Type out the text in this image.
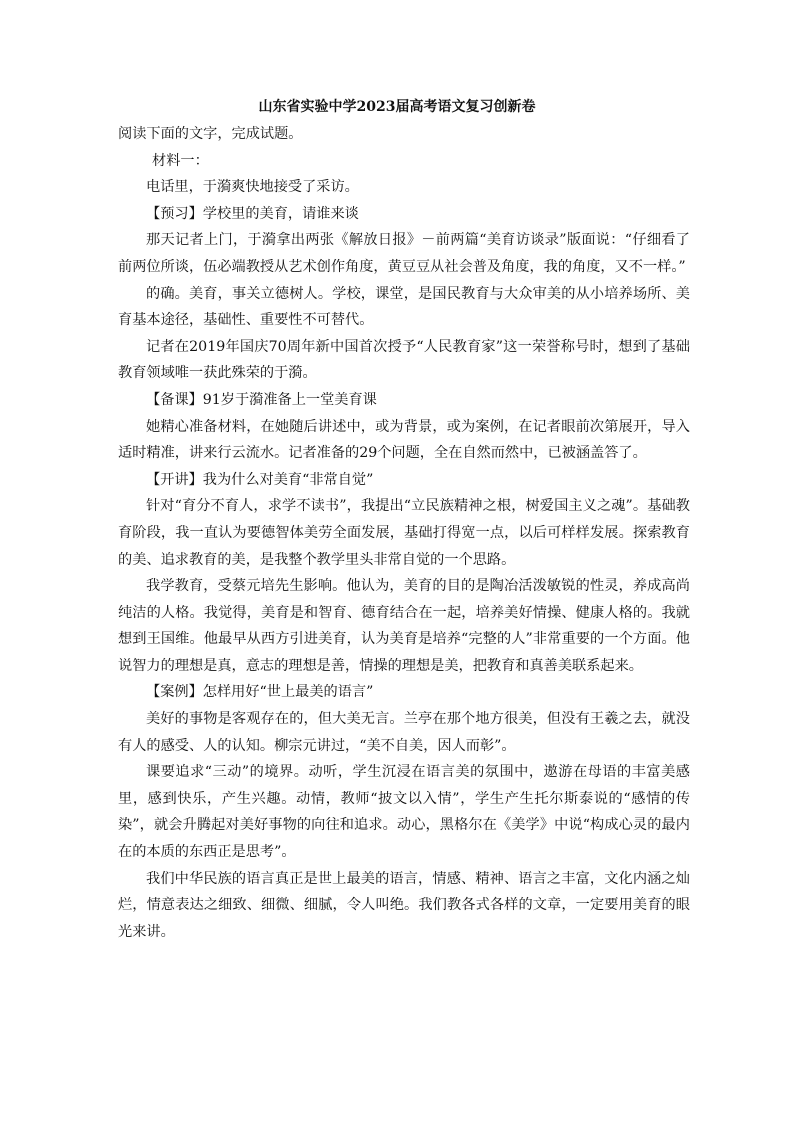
山东省实验中学2023届高考语文复习创新卷

阅读下面的文字，完成试题。

材料一：

电话里，于漪爽快地接受了采访。

【预习】学校里的美育，请谁来谈

那天记者上门，于漪拿出两张《解放日报》－前两篇“美育访谈录”版面说：“仔细看了前两位所谈，伍必端教授从艺术创作角度，黄豆豆从社会普及角度，我的角度，又不一样。”

的确。美育，事关立德树人。学校，课堂，是国民教育与大众审美的从小培养场所、美育基本途径，基础性、重要性不可替代。

记者在2019年国庆70周年新中国首次授予“人民教育家”这一荣誉称号时，想到了基础教育领域唯一获此殊荣的于漪。

【备课】91岁于漪准备上一堂美育课

她精心准备材料，在她随后讲述中，或为背景，或为案例，在记者眼前次第展开，导入适时精准，讲来行云流水。记者准备的29个问题，全在自然而然中，已被涵盖答了。

【开讲】我为什么对美育“非常自觉”

针对“育分不育人，求学不读书”，我提出“立民族精神之根，树爱国主义之魂”。基础教育阶段，我一直认为要德智体美劳全面发展，基础打得宽一点，以后可样样发展。探索教育的美、追求教育的美，是我整个教学里头非常自觉的一个思路。

我学教育，受蔡元培先生影响。他认为，美育的目的是陶冶活泼敏锐的性灵，养成高尚纯洁的人格。我觉得，美育是和智育、德育结合在一起，培养美好情操、健康人格的。我就想到王国维。他最早从西方引进美育，认为美育是培养“完整的人”非常重要的一个方面。他说智力的理想是真，意志的理想是善，情操的理想是美，把教育和真善美联系起来。

【案例】怎样用好“世上最美的语言”

美好的事物是客观存在的，但大美无言。兰亭在那个地方很美，但没有王羲之去，就没有人的感受、人的认知。柳宗元讲过，“美不自美，因人而彰”。

课要追求“三动”的境界。动听，学生沉浸在语言美的氛围中，遨游在母语的丰富美感里，感到快乐，产生兴趣。动情，教师“披文以入情”，学生产生托尔斯泰说的“感情的传染”，就会升腾起对美好事物的向往和追求。动心，黑格尔在《美学》中说“构成心灵的最内在的本质的东西正是思考”。

我们中华民族的语言真正是世上最美的语言，情感、精神、语言之丰富，文化内涵之灿烂，情意表达之细致、细微、细腻，令人叫绝。我们教各式各样的文章，一定要用美育的眼光来讲。
